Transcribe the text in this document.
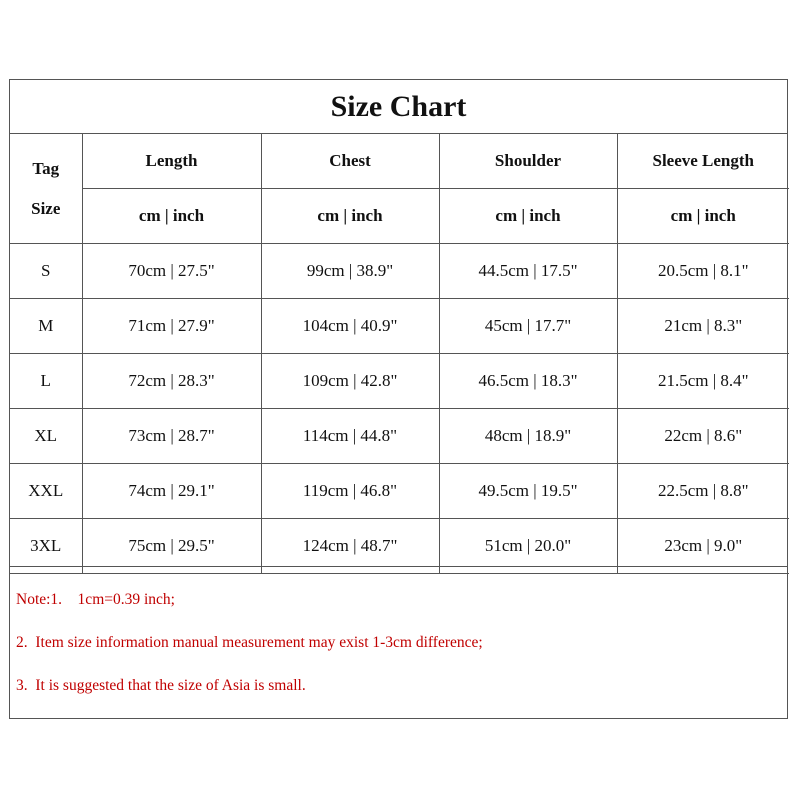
Size Chart
Tag
Size	Length	Chest	Shoulder	Sleeve Length
	cm | inch	cm | inch	cm | inch	cm | inch
S	70cm | 27.5"	99cm | 38.9"	44.5cm | 17.5"	20.5cm | 8.1"
M	71cm | 27.9"	104cm | 40.9"	45cm | 17.7"	21cm | 8.3"
L	72cm | 28.3"	109cm | 42.8"	46.5cm | 18.3"	21.5cm | 8.4"
XL	73cm | 28.7"	114cm | 44.8"	48cm | 18.9"	22cm | 8.6"
XXL	74cm | 29.1"	119cm | 46.8"	49.5cm | 19.5"	22.5cm | 8.8"
3XL	75cm | 29.5"	124cm | 48.7"	51cm | 20.0"	23cm | 9.0"
Note:1.    1cm=0.39 inch;
2.  Item size information manual measurement may exist 1-3cm difference;
3.  It is suggested that the size of Asia is small.
